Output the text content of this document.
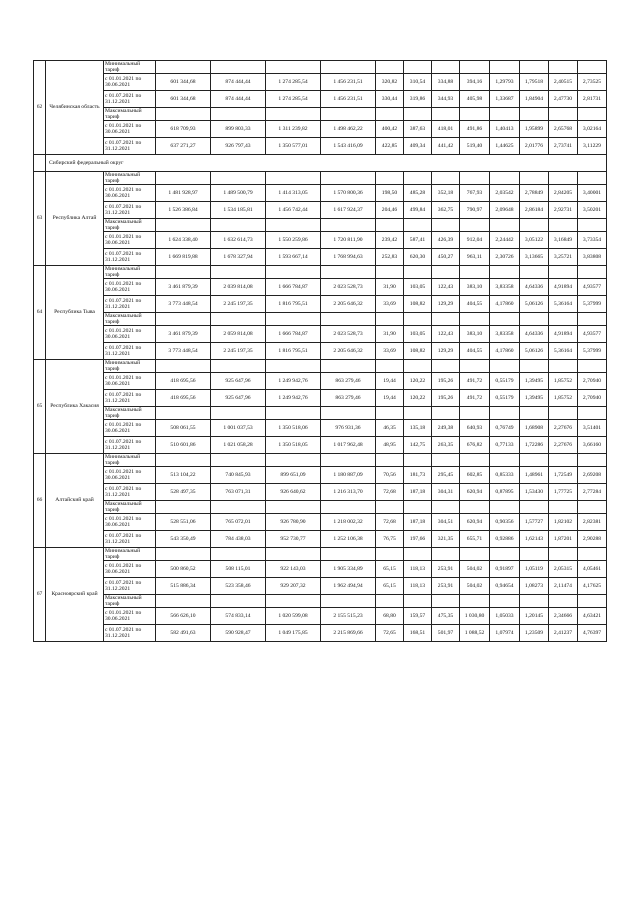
62	Челябинская область	Минимальный тариф												
		с 01.01.2021 по 30.06.2021	601 344,68	874 444,44	1 274 285,54	1 456 231,51	320,82	310,54	334,88	394,16	1,29793	1,79518	2,40515	2,73525
		с 01.07.2021 по 31.12.2021	601 344,68	874 444,44	1 274 285,54	1 456 231,51	330,44	319,86	344,93	405,98	1,33687	1,84904	2,47730	2,81731
		Максимальный тариф												
		с 01.01.2021 по 30.06.2021	618 709,93	899 803,33	1 311 239,82	1 498 462,22	400,42	387,63	418,01	491,86	1,40413	1,95899	2,65768	3,02164
		с 01.07.2021 по 31.12.2021	637 271,27	926 797,43	1 350 577,01	1 543 416,09	422,85	409,34	441,42	519,40	1,44625	2,01776	2,73741	3,11229
	Сибирский федеральный округ													
63	Республика Алтай	Минимальный тариф												
		с 01.01.2021 по 30.06.2021	1 481 928,97	1 489 500,79	1 414 313,05	1 570 800,36	198,50	485,28	352,18	767,93	2,03542	2,78849	2,84205	3,40001
		с 01.07.2021 по 31.12.2021	1 526 386,84	1 534 185,81	1 456 742,44	1 617 924,37	204,46	499,84	362,75	790,97	2,09648	2,86184	2,92731	3,50201
		Максимальный тариф												
		с 01.01.2021 по 30.06.2021	1 624 338,40	1 632 614,73	1 550 259,86	1 720 811,90	239,42	587,41	426,39	912,04	2,24442	3,05122	3,16849	3,73354
		с 01.07.2021 по 31.12.2021	1 669 819,88	1 678 327,94	1 593 667,14	1 768 994,63	252,83	620,30	450,27	963,11	2,30726	3,13665	3,25721	3,83808
64	Республика Тыва	Минимальный тариф												
		с 01.01.2021 по 30.06.2021	3 461 879,39	2 039 814,08	1 666 784,87	2 023 528,73	31,90	103,05	122,43	383,10	3,83358	4,64336	4,91894	4,93577
		с 01.07.2021 по 31.12.2021	3 773 448,54	2 245 197,35	1 816 795,51	2 205 646,32	33,69	108,82	129,29	404,55	4,17860	5,06126	5,36164	5,37999
		Максимальный тариф												
		с 01.01.2021 по 30.06.2021	3 461 879,39	2 059 814,08	1 666 784,87	2 023 528,73	31,90	103,05	122,43	383,10	3,83358	4,64336	4,91894	4,93577
		с 01.07.2021 по 31.12.2021	3 773 448,54	2 245 197,35	1 816 795,51	2 205 646,32	33,69	108,82	129,29	404,55	4,17860	5,06126	5,36164	5,37999
65	Республика Хакасия	Минимальный тариф												
		с 01.01.2021 по 30.06.2021	418 695,56	925 647,96	1 249 942,76	863 279,46	19,44	120,22	195,26	491,72	0,55179	1,39495	1,85752	2,70940
		с 01.07.2021 по 31.12.2021	418 695,56	925 647,96	1 249 942,76	863 279,46	19,44	120,22	195,26	491,72	0,55179	1,39495	1,85752	2,70940
		Максимальный тариф												
		с 01.01.2021 по 30.06.2021	508 061,55	1 001 037,53	1 350 518,06	976 931,36	46,35	135,18	249,38	640,93	0,76749	1,68908	2,27676	3,51401
		с 01.07.2021 по 31.12.2021	510 601,86	1 021 058,28	1 350 518,05	1 017 962,48	48,95	142,75	263,35	676,82	0,77133	1,72286	2,27676	3,66160
66	Алтайский край	Минимальный тариф												
		с 01.01.2021 по 30.06.2021	513 104,22	740 845,93	899 651,09	1 180 887,09	70,56	181,73	295,45	602,85	0,85333	1,48961	1,72549	2,69208
		с 01.07.2021 по 31.12.2021	528 497,35	763 071,31	926 640,62	1 216 313,70	72,68	187,18	304,31	620,94	0,87895	1,53430	1,77725	2,77284
		Максимальный тариф												
		с 01.01.2021 по 30.06.2021	528 551,06	765 072,01	926 780,90	1 218 002,32	72,68	187,18	304,51	620,94	0,90356	1,57727	1,82102	2,82381
		с 01.07.2021 по 31.12.2021	543 350,49	784 438,03	952 730,77	1 252 106,38	76,75	197,66	321,35	655,71	0,92886	1,62143	1,87201	2,90288
67	Красноярский край	Минимальный тариф												
		с 01.01.2021 по 30.06.2021	500 860,52	508 115,01	922 143,03	1 905 334,89	65,15	118,13	253,91	504,02	0,91897	1,05119	2,05315	4,05461
		с 01.07.2021 по 31.12.2021	515 886,34	523 358,46	929 207,32	1 962 494,94	65,15	118,13	253,91	504,02	0,94654	1,08273	2,11474	4,17625
		Максимальный тариф												
		с 01.01.2021 по 30.06.2021	566 626,10	574 833,14	1 020 599,08	2 155 515,23	68,80	159,57	475,35	1 030,80	1,05033	1,20145	2,34666	4,63421
		с 01.07.2021 по 31.12.2021	582 491,63	590 928,47	1 049 175,85	2 215 869,66	72,65	168,51	501,97	1 088,52	1,07974	1,23509	2,41237	4,76397
